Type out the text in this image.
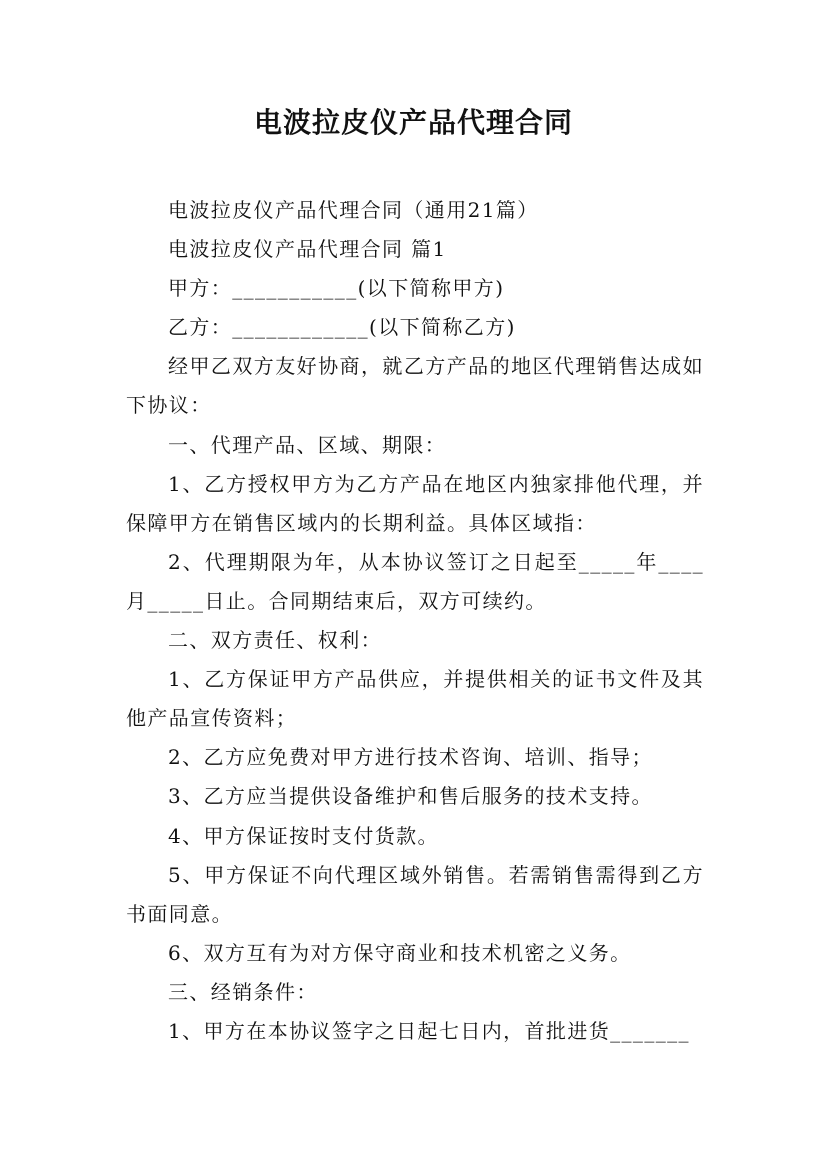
电波拉皮仪产品代理合同

电波拉皮仪产品代理合同（通用21篇）

电波拉皮仪产品代理合同 篇1

甲方：___________(以下简称甲方)

乙方：____________(以下简称乙方)

经甲乙双方友好协商，就乙方产品的地区代理销售达成如下协议：

一、代理产品、区域、期限：

1、乙方授权甲方为乙方产品在地区内独家排他代理，并保障甲方在销售区域内的长期利益。具体区域指：

2、代理期限为年，从本协议签订之日起至_____年____月_____日止。合同期结束后，双方可续约。

二、双方责任、权利：

1、乙方保证甲方产品供应，并提供相关的证书文件及其他产品宣传资料；

2、乙方应免费对甲方进行技术咨询、培训、指导；

3、乙方应当提供设备维护和售后服务的技术支持。

4、甲方保证按时支付货款。

5、甲方保证不向代理区域外销售。若需销售需得到乙方书面同意。

6、双方互有为对方保守商业和技术机密之义务。

三、经销条件：

1、甲方在本协议签字之日起七日内，首批进货_______
